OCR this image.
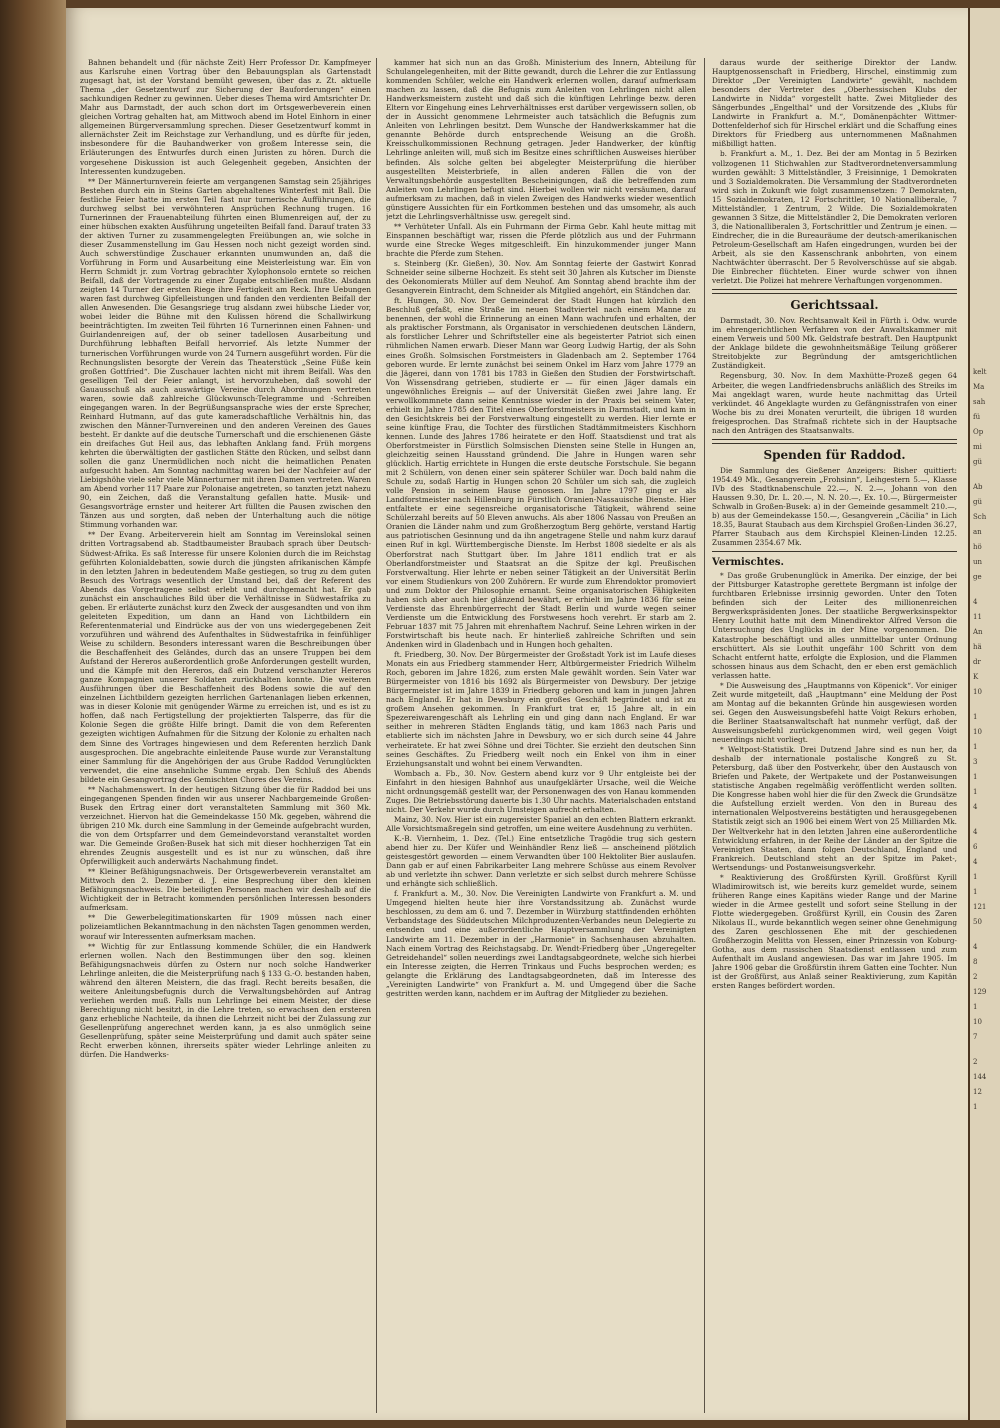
Bahnen behandelt und (für nächste Zeit) Herr Professor Dr. Kampfmeyer aus Karlsruhe einen Vortrag über den Bebauungsplan als Gartenstadt zugesagt hat, ist der Vorstand bemüht gewesen, über das z. Zt. aktuelle Thema „der Gesetzentwurf zur Sicherung der Bauforderungen“ einen sachkundigen Redner zu gewinnen. Ueber dieses Thema wird Amtsrichter Dr. Mahr aus Darmstadt, der auch schon dort im Ortsgewerbeverein einen gleichen Vortrag gehalten hat, am Mittwoch abend im Hotel Einhorn in einer allgemeinen Bürgerversammlung sprechen. Dieser Gesetzentwurf kommt in allernächster Zeit im Reichstage zur Verhandlung, und es dürfte für jeden, insbesondere für die Bauhandwerker von großem Interesse sein, die Erläuterungen des Entwurfes durch einen Juristen zu hören. Durch die vorgesehene Diskussion ist auch Gelegenheit gegeben, Ansichten der Interessenten kundzugeben.

** Der Männerturnverein feierte am vergangenen Samstag sein 25jähriges Bestehen durch ein in Steins Garten abgehaltenes Winterfest mit Ball. Die festliche Feier hatte im ersten Teil fast nur turnerische Aufführungen, die durchweg selbst bei verwöhnteren Ansprüchen Rechnung trugen. 16 Turnerinnen der Frauenabteilung führten einen Blumenreigen auf, der zu einer hübschen exakten Ausführung ungeteilten Beifall fand. Darauf traten 33 der aktiven Turner zu zusammengelegten Freiübungen an, wie solche in dieser Zusammenstellung im Gau Hessen noch nicht gezeigt worden sind. Auch schwerstündige Zuschauer erkannten unumwunden an, daß die Vorführung in Form und Ausarbeitung eine Meisterleistung war. Ein von Herrn Schmidt jr. zum Vortrag gebrachter Xylophonsolo erntete so reichen Beifall, daß der Vortragende zu einer Zugabe entschließen mußte. Alsdann zeigten 14 Turner der ersten Riege ihre Fertigkeit am Reck. Ihre Uebungen waren fast durchweg Gipfelleistungen und fanden den verdienten Beifall der allen Anwesenden. Die Gesangsriege trug alsdann zwei hübsche Lieder vor, wobei leider die Bühne mit den Kulissen hörend die Schallwirkung beeinträchtigten. Im zweiten Teil führten 16 Turnerinnen einen Fahnen- und Guirlandenreigen auf, der ob seiner tadellosen Ausarbeitung und Durchführung lebhaften Beifall hervorrief. Als letzte Nummer der turnerischen Vorführungen wurde von 24 Turnern ausgeführt worden. Für die Rechnungslisten besorgte der Verein das Theaterstück „Seine Füße kein großen Gottfried“. Die Zuschauer lachten nicht mit ihrem Beifall. Was den geselligen Teil der Feier anlangt, ist hervorzuheben, daß sowohl der Gauausschuß als auch auswärtige Vereine durch Abordnungen vertreten waren, sowie daß zahlreiche Glückwunsch-Telegramme und -Schreiben eingegangen waren. In der Begrüßungsansprache wies der erste Sprecher, Reinhard Hutmann, auf das gute kameradschaftliche Verhältnis hin, das zwischen den Männer-Turnvereinen und den anderen Vereinen des Gaues besteht. Er dankte auf die deutsche Turnerschaft und die erschienenen Gäste ein dreifaches Gut Heil aus, das lebhaften Anklang fand. Früh morgens kehrten die überwältigten der gastlichen Stätte den Rücken, und selbst dann sollen die ganz Unermüdlichen noch nicht die heimatlichen Penaten aufgesucht haben. Am Sonntag nachmittag waren bei der Nachfeier auf der Liebigshöhe viele sehr viele Männerturner mit ihren Damen vertreten. Waren am Abend vorher 117 Paare zur Polonaise angetreten, so tanzten jetzt nahezu 90, ein Zeichen, daß die Veranstaltung gefallen hatte. Musik- und Gesangsvorträge ernster und heiterer Art füllten die Pausen zwischen den Tänzen aus und sorgten, daß neben der Unterhaltung auch die nötige Stimmung vorhanden war.

** Der Evang. Arbeiterverein hielt am Sonntag im Vereinslokal seinen dritten Vortragsabend ab. Stadtbaumeister Braubach sprach über Deutsch-Südwest-Afrika. Es saß Interesse für unsere Kolonien durch die im Reichstag geführten Kolonialdebatten, sowie durch die jüngsten afrikanischen Kämpfe in den letzten Jahren in bedeutendem Maße gestiegen, so trug zu dem guten Besuch des Vortrags wesentlich der Umstand bei, daß der Referent des Abends das Vorgetragene selbst erlebt und durchgemacht hat. Er gab zunächst ein anschauliches Bild über die Verhältnisse in Südwestafrika zu geben. Er erläuterte zunächst kurz den Zweck der ausgesandten und von ihm geleiteten Expedition, um dann an Hand von Lichtbildern ein Referentenmaterial und Eindrücke aus der von uns wiedergegebenen Zeit vorzuführen und während des Aufenthaltes in Südwestafrika in feinfühliger Weise zu schildern. Besonders interessant waren die Beschreibungen über die Beschaffenheit des Geländes, durch das an unsere Truppen bei dem Aufstand der Hereros außerordentlich große Anforderungen gestellt wurden, und die Kämpfe mit den Hereros, daß ein Dutzend verschanzter Hereros ganze Kompagnien unserer Soldaten zurückhalten konnte. Die weiteren Ausführungen über die Beschaffenheit des Bodens sowie die auf den einzelnen Lichtbildern gezeigten herrlichen Gartenanlagen lieben erkennen, was in dieser Kolonie mit genügender Wärme zu erreichen ist, und es ist zu hoffen, daß nach Fertigstellung der projektierten Talsperre, das für die Kolonie Segen die größte Hilfe bringt. Damit die von dem Referenten gezeigten wichtigen Aufnahmen für die Sitzung der Kolonie zu erhalten nach dem Sinne des Vortrages hingewiesen und dem Referenten herzlich Dank ausgesprochen. Die angebrachte einleitende Pause wurde zur Veranstaltung einer Sammlung für die Angehörigen der aus Grube Raddod Verunglückten verwendet, die eine ansehnliche Summe ergab. Den Schluß des Abends bildete ein Gesangvortrag des Gemischten Chores des Vereins.

** Nachahmenswert. In der heutigen Sitzung über die für Raddod bei uns eingegangenen Spenden finden wir aus unserer Nachbargemeinde Großen-Busek den Ertrag einer dort veranstalteten Sammlung mit 360 Mk. verzeichnet. Hiervon hat die Gemeindekasse 150 Mk. gegeben, während die übrigen 210 Mk. durch eine Sammlung in der Gemeinde aufgebracht wurden, die von dem Ortspfarrer und dem Gemeindevorstand veranstaltet worden war. Die Gemeinde Großen-Busek hat sich mit dieser hochherzigen Tat ein ehrendes Zeugnis ausgestellt und es ist nur zu wünschen, daß ihre Opferwilligkeit auch anderwärts Nachahmung findet.

** Kleiner Befähigungsnachweis. Der Ortsgewerbeverein veranstaltet am Mittwoch den 2. Dezember d. J. eine Besprechung über den kleinen Befähigungsnachweis. Die beteiligten Personen machen wir deshalb auf die Wichtigkeit der in Betracht kommenden persönlichen Interessen besonders aufmerksam.

** Die Gewerbelegitimationskarten für 1909 müssen nach einer polizeiamtlichen Bekanntmachung in den nächsten Tagen genommen werden, worauf wir Interessenten aufmerksam machen.

** Wichtig für zur Entlassung kommende Schüler, die ein Handwerk erlernen wollen. Nach den Bestimmungen über den sog. kleinen Befähigungsnachweis dürfen zu Ostern nur noch solche Handwerker Lehrlinge anleiten, die die Meisterprüfung nach § 133 G.-O. bestanden haben, während den älteren Meistern, die das fragl. Recht bereits besaßen, die weitere Anleitungsbefugnis durch die Verwaltungsbehörden auf Antrag verliehen werden muß. Falls nun Lehrlinge bei einem Meister, der diese Berechtigung nicht besitzt, in die Lehre treten, so erwachsen den ersteren ganz erhebliche Nachteile, da ihnen die Lehrzeit nicht bei der Zulassung zur Gesellenprüfung angerechnet werden kann, ja es also unmöglich seine Gesellenprüfung, später seine Meisterprüfung und damit auch später seine Recht erwerben können, ihrerseits später wieder Lehrlinge anleiten zu dürfen. Die Handwerks-

kammer hat sich nun an das Großh. Ministerium des Innern, Abteilung für Schulangelegenheiten, mit der Bitte gewandt, durch die Lehrer die zur Entlassung kommenden Schüler, welche ein Handwerk erlernen wollen, darauf aufmerksam machen zu lassen, daß die Befugnis zum Anleiten von Lehrlingen nicht allen Handwerksmeistern zusteht und daß sich die künftigen Lehrlinge bezw. deren Eltern vor Eingehung eines Lehrverhältnisses erst darüber vergewissern sollen, ob der in Aussicht genommene Lehrmeister auch tatsächlich die Befugnis zum Anleiten von Lehrlingen besitzt. Dem Wunsche der Handwerkskammer hat die genannte Behörde durch entsprechende Weisung an die Großh. Kreisschulkommissionen Rechnung getragen. Jeder Handwerker, der künftig Lehrlinge anleiten will, muß sich im Besitze eines schriftlichen Ausweises hierüber befinden. Als solche gelten bei abgelegter Meisterprüfung die hierüber ausgestellten Meisterbriefe, in allen anderen Fällen die von der Verwaltungsbehörde ausgestellten Bescheinigungen, daß die betreffenden zum Anleiten von Lehrlingen befugt sind. Hierbei wollen wir nicht versäumen, darauf aufmerksam zu machen, daß in vielen Zweigen des Handwerks wieder wesentlich günstigere Aussichten für ein Fortkommen bestehen und das umsomehr, als auch jetzt die Lehrlingsverhältnisse usw. geregelt sind.

** Verhüteter Unfall. Als ein Fuhrmann der Firma Gebr. Kahl heute mittag mit Einspannen beschäftigt war, rissen die Pferde plötzlich aus und der Fuhrmann wurde eine Strecke Weges mitgeschleift. Ein hinzukommender junger Mann brachte die Pferde zum Stehen.

s. Steinberg (Kr. Gießen), 30. Nov. Am Sonntag feierte der Gastwirt Konrad Schneider seine silberne Hochzeit. Es steht seit 30 Jahren als Kutscher im Dienste des Oekonomierats Müller auf dem Neuhof. Am Sonntag abend brachte ihm der Gesangverein Eintracht, dem Schneider als Mitglied angehört, ein Ständchen dar.

ft. Hungen, 30. Nov. Der Gemeinderat der Stadt Hungen hat kürzlich den Beschluß gefaßt, eine Straße im neuen Stadtviertel nach einem Manne zu benennen, der wohl die Erinnerung an einen Mann wachrufen und erhalten, der als praktischer Forstmann, als Organisator in verschiedenen deutschen Ländern, als forstlicher Lehrer und Schriftsteller eine als begeisterter Patriot sich einen rühmlichen Namen erwarb. Dieser Mann war Georg Ludwig Hartig, der als Sohn eines Großh. Solmsischen Forstmeisters in Gladenbach am 2. September 1764 geboren wurde. Er lernte zunächst bei seinem Onkel im Harz vom Jahre 1779 an die Jägerei, dann von 1781 bis 1783 in Gießen den Studien der Forstwirtschaft. Von Wissensdrang getrieben, studierte er — für einen Jäger damals ein ungewöhnliches Ereignis — auf der Universität Gießen zwei Jahre lang. Er verwollkommnete dann seine Kenntnisse wieder in der Praxis bei seinem Vater, erhielt im Jahre 1785 den Titel eines Oberforstmeisters in Darmstadt, und kam in den Gesichtskreis bei der Forstverwaltung eingestellt zu werden. Hier lernte er seine künftige Frau, die Tochter des fürstlichen Stadtämmitmeisters Kischhorn kennen. Lunde des Jahres 1786 heiratete er den Hoff. Staatsdienst und trat als Oberforstmeister in Fürstlich Solmsischen Diensten seine Stelle in Hungen an, gleichzeitig seinen Hausstand gründend. Die Jahre in Hungen waren sehr glücklich. Hartig errichtete in Hungen die erste deutsche Forstschule. Sie begann mit 2 Schülern, von denen einer sein späterer Schüler war. Doch bald nahm die Schule zu, sodaß Hartig in Hungen schon 20 Schüler um sich sah, die zugleich volle Pension in seinem Hause genossen. Im Jahre 1797 ging er als Landforstmeister nach Hillenburg in Fürstlich Oranien-Nassauische Dienste. Hier entfaltete er eine segensreiche organisatorische Tätigkeit, während seine Schülerzahl bereits auf 50 Eleven anwuchs. Als aber 1806 Nassau von Preußen an Oranien die Länder nahm und zum Großherzogtum Berg gehörte, verstand Hartig aus patriotischen Gesinnung und da ihn angetragene Stelle und nahm kurz darauf einen Ruf in kgl. Württembergische Dienste. Im Herbst 1808 siedelte er als als Oberforstrat nach Stuttgart über. Im Jahre 1811 endlich trat er als Oberlandforstmeister und Staatsrat an die Spitze der kgl. Preußischen Forstverwaltung. Hier lehrte er neben seiner Tätigkeit an der Universität Berlin vor einem Studienkurs von 200 Zuhörern. Er wurde zum Ehrendoktor promoviert und zum Doktor der Philosophie ernannt. Seine organisatorischen Fähigkeiten haben sich aber auch hier glänzend bewährt, er erhielt im Jahre 1836 für seine Verdienste das Ehrenbürgerrecht der Stadt Berlin und wurde wegen seiner Verdienste um die Entwicklung des Forstwesens hoch verehrt. Er starb am 2. Februar 1837 mit 75 Jahren mit ehrenhaftem Nachruf. Seine Lehren wirken in der Forstwirtschaft bis heute nach. Er hinterließ zahlreiche Schriften und sein Andenken wird in Gladenbach und in Hungen hoch gehalten.

ft. Friedberg, 30. Nov. Der Bürgermeister der Großstadt York ist im Laufe dieses Monats ein aus Friedberg stammender Herr, Altbürgermeister Friedrich Wilhelm Roch, geboren im Jahre 1826, zum ersten Male gewählt worden. Sein Vater war Bürgermeister von 1816 bis 1692 als Bürgermeister von Dewsbury. Der jetzige Bürgermeister ist im Jahre 1839 in Friedberg geboren und kam in jungen Jahren nach England. Er hat in Dewsbury ein großes Geschäft begründet und ist zu großem Ansehen gekommen. In Frankfurt trat er, 15 Jahre alt, in ein Spezereiwarengeschäft als Lehrling ein und ging dann nach England. Er war seither in mehreren Städten Englands tätig, und kam 1863 nach Paris und etablierte sich im nächsten Jahre in Dewsbury, wo er sich durch seine 44 Jahre verheiratete. Er hat zwei Söhne und drei Töchter. Sie erzieht den deutschen Sinn seines Geschäftes. Zu Friedberg weilt noch ein Enkel von ihm in einer Erziehungsanstalt und wohnt bei einem Verwandten.

Wombach a. Fb., 30. Nov. Gestern abend kurz vor 9 Uhr entgleiste bei der Einfahrt in den hiesigen Bahnhof aus unaufgeklärter Ursache, weil die Weiche nicht ordnungsgemäß gestellt war, der Personenwagen des von Hanau kommenden Zuges. Die Betriebsstörung dauerte bis 1.30 Uhr nachts. Materialschaden entstand nicht. Der Verkehr wurde durch Umsteigen aufrecht erhalten.

Mainz, 30. Nov. Hier ist ein zugereister Spaniel an den echten Blattern erkrankt. Alle Vorsichtsmaßregeln sind getroffen, um eine weitere Ausdehnung zu verhüten.

K.-B. Viernheim, 1. Dez. (Tel.) Eine entsetzliche Tragödie trug sich gestern abend hier zu. Der Küfer und Weinhändler Renz ließ — anscheinend plötzlich geistesgestört geworden — einem Verwandten über 100 Hektoliter Bier auslaufen. Dann gab er auf einen Fabrikarbeiter Lang mehrere Schüsse aus einem Revolver ab und verletzte ihn schwer. Dann verletzte er sich selbst durch mehrere Schüsse und erhängte sich schließlich.

f. Frankfurt a. M., 30. Nov. Die Vereinigten Landwirte von Frankfurt a. M. und Umgegend hielten heute hier ihre Vorstandssitzung ab. Zunächst wurde beschlossen, zu dem am 6. und 7. Dezember in Würzburg stattfindenden erhöhten Verbandstage des Süddeutschen Milchproduzenten-Verbandes neun Delegierte zu entsenden und eine außerordentliche Hauptversammlung der Vereinigten Landwirte am 11. Dezember in der „Harmonie“ in Sachsenhausen abzuhalten. Nach einem Vortrag des Reichstagsabg. Dr. Wendt-Friedberg über „Ungeregelter Getreidehandel“ sollen neuerdings zwei Landtagsabgeordnete, welche sich hierbei ein Interesse zeigten, die Herren Trinkaus und Fuchs besprochen werden; es gelangte die Erklärung des Landtagsabgeordneten, daß im Interesse des „Vereinigten Landwirte“ von Frankfurt a. M. und Umgegend über die Sache gestritten werden kann, nachdem er im Auftrag der Mitglieder zu beziehen.

daraus wurde der seitherige Direktor der Landw. Hauptgenossenschaft in Friedberg, Hirschel, einstimmig zum Direktor „Der Vereinigten Landwirte“ gewählt, nachdem besonders der Vertreter des „Oberhessischen Klubs der Landwirte in Nidda“ vorgestellt hatte. Zwei Mitglieder des Sängerbundes „Engelthal“ und der Vorsitzende des „Klubs für Landwirte in Frankfurt a. M.“, Domänenpächter Wittmer-Dottenfelderhof sich für Hirschel erklärt und die Schaffung eines Direktors für Friedberg aus unternommenen Maßnahmen mißbilligt hatten.

b. Frankfurt a. M., 1. Dez. Bei der am Montag in 5 Bezirken vollzogenen 11 Stichwahlen zur Stadtverordnetenversammlung wurden gewählt: 3 Mittelständler, 3 Freisinnige, 1 Demokraten und 3 Sozialdemokraten. Die Versammlung der Stadtverordneten wird sich in Zukunft wie folgt zusammensetzen: 7 Demokraten, 15 Sozialdemokraten, 12 Fortschrittler, 10 Nationalliberale, 7 Mittelständler, 1 Zentrum, 2 Wilde. Die Sozialdemokraten gewannen 3 Sitze, die Mittelständler 2, Die Demokraten verloren 3, die Nationalliberalen 3, Fortschrittler und Zentrum je einen. — Eindrecher, die in die Bureauräume der deutsch-amerikanischen Petroleum-Gesellschaft am Hafen eingedrungen, wurden bei der Arbeit, als sie den Kassenschrank anbohrten, von einem Nachtwächter überrascht. Der 5 Revolverschüsse auf sie abgab. Die Einbrecher flüchteten. Einer wurde schwer von ihnen verletzt. Die Polizei hat mehrere Verhaftungen vorgenommen.

Gerichtssaal.

Darmstadt, 30. Nov. Rechtsanwalt Keil in Fürth i. Odw. wurde im ehrengerichtlichen Verfahren von der Anwaltskammer mit einem Verweis und 500 Mk. Geldstrafe bestraft. Den Hauptpunkt der Anklage bildete die gewohnheitsmäßige Teilung größerer Streitobjekte zur Begründung der amtsgerichtlichen Zuständigkeit.

Regensburg, 30. Nov. In dem Maxhütte-Prozeß gegen 64 Arbeiter, die wegen Landfriedensbruchs anläßlich des Streiks im Mai angeklagt waren, wurde heute nachmittag das Urteil verkündet. 46 Angeklagte wurden zu Gefängnisstrafen von einer Woche bis zu drei Monaten verurteilt, die übrigen 18 wurden freigesprochen. Das Strafmaß richtete sich in der Hauptsache nach den Anträgen des Staatsanwalts.

Spenden für Raddod.

Die Sammlung des Gießener Anzeigers: Bisher quittiert: 1954.49 Mk., Gesangverein „Frohsinn“, Leihgestern 5.—, Klasse IVb des Stadtknabenschule 22.—, N. 2.—, Johann von den Haussen 9.30, Dr. L. 20.—, N. N. 20.—, Ex. 10.—, Bürgermeister Schwalb in Großen-Busek: a) in der Gemeinde gesammelt 210.—, b) aus der Gemeindekasse 150.—, Gesangverein „Cäcilia“ in Lich 18.35, Baurat Staubach aus dem Kirchspiel Großen-Linden 36.27, Pfarrer Staubach aus dem Kirchspiel Kleinen-Linden 12.25. Zusammen 2354.67 Mk.

Vermischtes.

* Das große Grubenunglück in Amerika. Der einzige, der bei der Pittsburger Katastrophe gerettete Bergmann ist infolge der furchtbaren Erlebnisse irrsinnig geworden. Unter den Toten befinden sich der Leiter des millionenreichen Bergwerkspräsidenten Jones. Der staatliche Bergwerksinspektor Henry Louthit hatte mit dem Minendirektor Alfred Verson die Untersuchung des Unglücks in der Mine vorgenommen. Die Katastrophe beschäftigt und alles unmittelbar unter Ordnung erschüttert. Als sie Louthit ungefähr 100 Schritt von dem Schacht entfernt hatte, erfolgte die Explosion, und die Flammen schossen hinaus aus dem Schacht, den er eben erst gemächlich verlassen hatte.

* Die Ausweisung des „Hauptmanns von Köpenick“. Vor einiger Zeit wurde mitgeteilt, daß „Hauptmann“ eine Meldung der Post am Montag auf die bekannten Gründe hin ausgewiesen worden sei. Gegen den Ausweisungsbefehl hatte Voigt Rekurs erhoben, die Berliner Staatsanwaltschaft hat nunmehr verfügt, daß der Ausweisungsbefehl zurückgenommen wird, weil gegen Voigt neuerdings nicht vorliegt.

* Weltpost-Statistik. Drei Dutzend Jahre sind es nun her, da deshalb der internationale postalische Kongreß zu St. Petersburg, daß über den Postverkehr, über den Austausch von Briefen und Pakete, der Wertpakete und der Postanweisungen statistische Angaben regelmäßig veröffentlicht werden sollten. Die Kongresse haben wohl hier die für den Zweck die Grundsätze die Aufstellung erzielt werden. Von den in Bureau des internationalen Welpostvereins bestätigten und herausgegebenen Statistik zeigt sich an 1906 bei einem Wert von 25 Milliarden Mk. Der Weltverkehr hat in den letzten Jahren eine außerordentliche Entwicklung erfahren, in der Reihe der Länder an der Spitze die Vereinigten Staaten, dann folgen Deutschland, England und Frankreich. Deutschland steht an der Spitze im Paket-, Wertsendungs- und Postanweisungsverkehr.

* Reaktivierung des Großfürsten Kyrill. Großfürst Kyrill Wladimirowitsch ist, wie bereits kurz gemeldet wurde, seinem früheren Range eines Kapitäns wieder Range und der Marine wieder in die Armee gestellt und sofort seine Stellung in der Flotte wiedergegeben. Großfürst Kyrill, ein Cousin des Zaren Nikolaus II., wurde bekanntlich wegen seiner ohne Genehmigung des Zaren geschlossenen Ehe mit der geschiedenen Großherzogin Melitta von Hessen, einer Prinzessin von Koburg-Gotha, aus dem russischen Staatsdienst entlassen und zum Aufenthalt im Ausland angewiesen. Das war im Jahre 1905. Im Jahre 1906 gebar die Großfürstin ihrem Gatten eine Tochter. Nun ist der Großfürst, aus Anlaß seiner Reaktivierung, zum Kapitän ersten Ranges befördert worden.

kelt
Ma
sah
fü
Op
mi
gü
Ab
gü
Sch
an
hö
un
ge
4
11
An
hä
dr
K
10
1
10
1
3
1
1
4
4
6
4
1
1
121
50
4
8
2
129
1
10
7
2
144
12
1
